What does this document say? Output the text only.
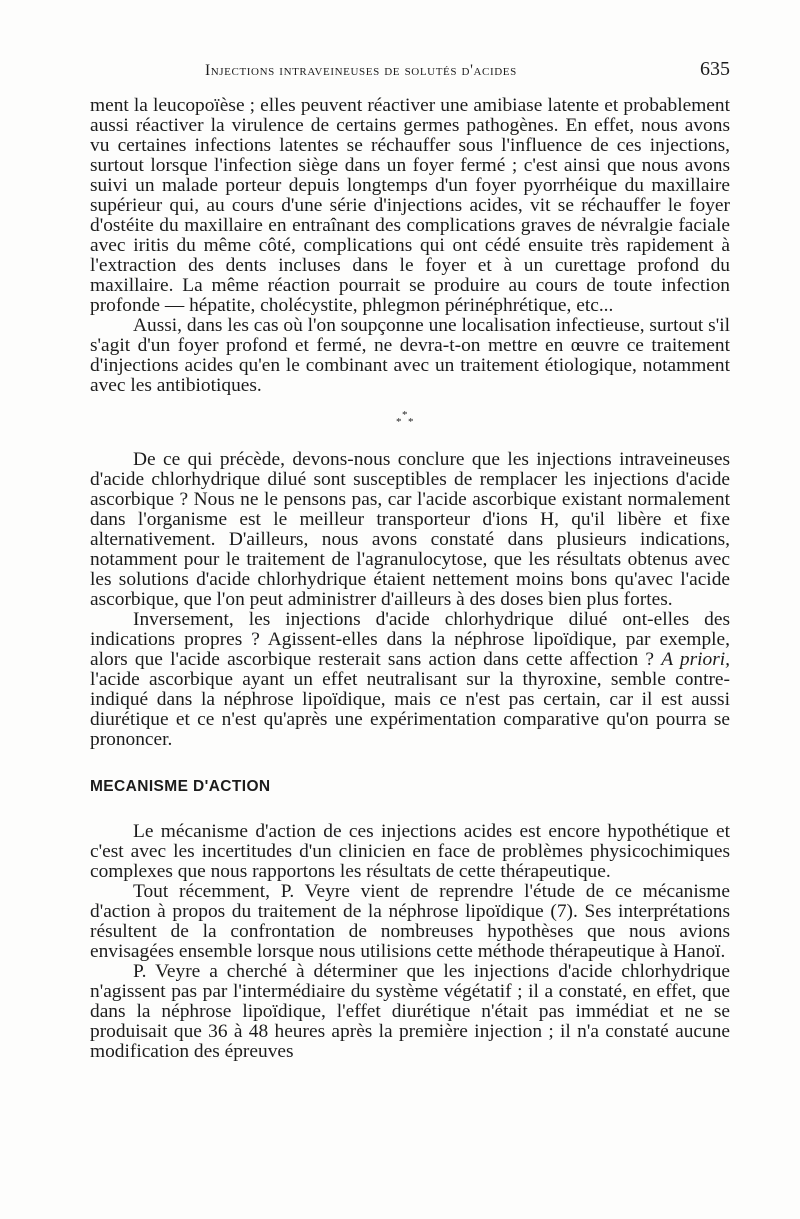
Injections intraveineuses de solutés d'acides	635

ment la leucopoïèse ; elles peuvent réactiver une amibiase latente et probablement aussi réactiver la virulence de certains germes pathogènes. En effet, nous avons vu certaines infections latentes se réchauffer sous l'influence de ces injections, surtout lorsque l'infection siège dans un foyer fermé ; c'est ainsi que nous avons suivi un malade porteur depuis longtemps d'un foyer pyorrhéique du maxillaire supérieur qui, au cours d'une série d'injections acides, vit se réchauffer le foyer d'ostéite du maxillaire en entraînant des complications graves de névralgie faciale avec iritis du même côté, complications qui ont cédé ensuite très rapidement à l'extraction des dents incluses dans le foyer et à un curettage profond du maxillaire. La même réaction pourrait se produire au cours de toute infection profonde — hépatite, cholécystite, phlegmon périnéphrétique, etc...

Aussi, dans les cas où l'on soupçonne une localisation infectieuse, surtout s'il s'agit d'un foyer profond et fermé, ne devra-t-on mettre en œuvre ce traitement d'injections acides qu'en le combinant avec un traitement étiologique, notamment avec les antibiotiques.

*
* *

De ce qui précède, devons-nous conclure que les injections intraveineuses d'acide chlorhydrique dilué sont susceptibles de remplacer les injections d'acide ascorbique ? Nous ne le pensons pas, car l'acide ascorbique existant normalement dans l'organisme est le meilleur transporteur d'ions H, qu'il libère et fixe alternativement. D'ailleurs, nous avons constaté dans plusieurs indications, notamment pour le traitement de l'agranulocytose, que les résultats obtenus avec les solutions d'acide chlorhydrique étaient nettement moins bons qu'avec l'acide ascorbique, que l'on peut administrer d'ailleurs à des doses bien plus fortes.

Inversement, les injections d'acide chlorhydrique dilué ont-elles des indications propres ? Agissent-elles dans la néphrose lipoïdique, par exemple, alors que l'acide ascorbique resterait sans action dans cette affection ? A priori, l'acide ascorbique ayant un effet neutralisant sur la thyroxine, semble contre-indiqué dans la néphrose lipoïdique, mais ce n'est pas certain, car il est aussi diurétique et ce n'est qu'après une expérimentation comparative qu'on pourra se prononcer.

MECANISME D'ACTION

Le mécanisme d'action de ces injections acides est encore hypothétique et c'est avec les incertitudes d'un clinicien en face de problèmes physicochimiques complexes que nous rapportons les résultats de cette thérapeutique.

Tout récemment, P. Veyre vient de reprendre l'étude de ce mécanisme d'action à propos du traitement de la néphrose lipoïdique (7). Ses interprétations résultent de la confrontation de nombreuses hypothèses que nous avions envisagées ensemble lorsque nous utilisions cette méthode thérapeutique à Hanoï.

P. Veyre a cherché à déterminer que les injections d'acide chlorhydrique n'agissent pas par l'intermédiaire du système végétatif ; il a constaté, en effet, que dans la néphrose lipoïdique, l'effet diurétique n'était pas immédiat et ne se produisait que 36 à 48 heures après la première injection ; il n'a constaté aucune modification des épreuves
